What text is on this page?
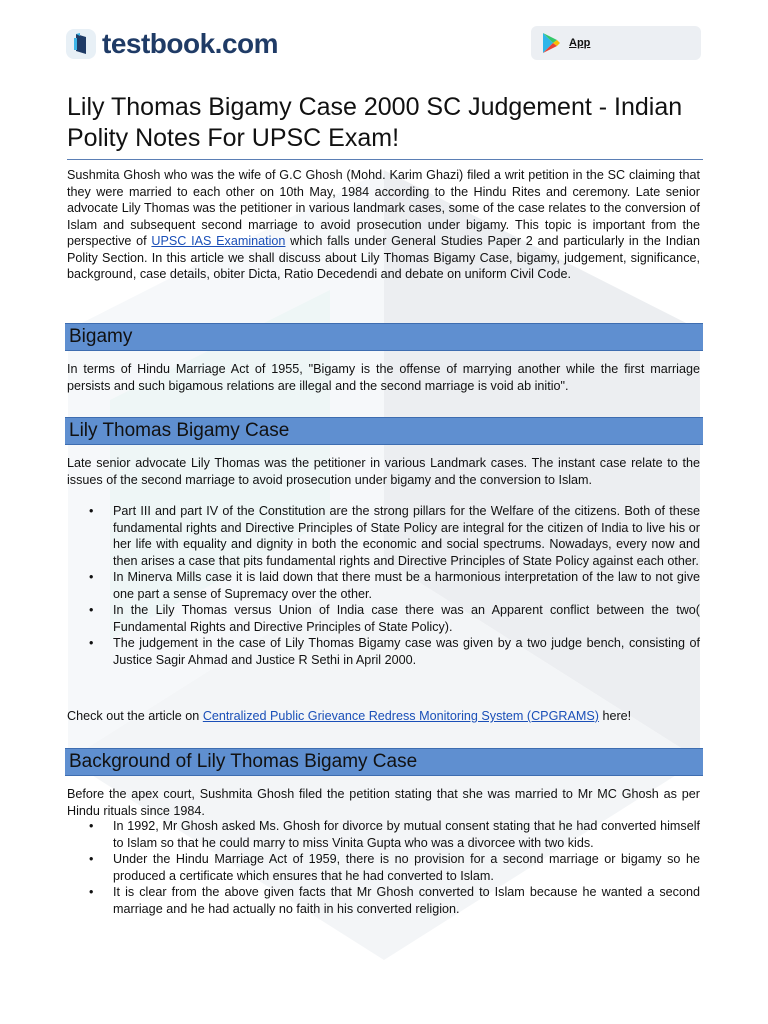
testbook.com	App
Lily Thomas Bigamy Case 2000 SC Judgement - Indian Polity Notes For UPSC Exam!

Sushmita Ghosh who was the wife of G.C Ghosh (Mohd. Karim Ghazi) filed a writ petition in the SC claiming that they were married to each other on 10th May, 1984 according to the Hindu Rites and ceremony. Late senior advocate Lily Thomas was the petitioner in various landmark cases, some of the case relates to the conversion of Islam and subsequent second marriage to avoid prosecution under bigamy. This topic is important from the perspective of UPSC IAS Examination which falls under General Studies Paper 2 and particularly in the Indian Polity Section. In this article we shall discuss about Lily Thomas Bigamy Case, bigamy, judgement, significance, background, case details, obiter Dicta, Ratio Decedendi and debate on uniform Civil Code.

Bigamy

In terms of Hindu Marriage Act of 1955, "Bigamy is the offense of marrying another while the first marriage persists and such bigamous relations are illegal and the second marriage is void ab initio".

Lily Thomas Bigamy Case

Late senior advocate Lily Thomas was the petitioner in various Landmark cases. The instant case relate to the issues of the second marriage to avoid prosecution under bigamy and the conversion to Islam.

• Part III and part IV of the Constitution are the strong pillars for the Welfare of the citizens. Both of these fundamental rights and Directive Principles of State Policy are integral for the citizen of India to live his or her life with equality and dignity in both the economic and social spectrums. Nowadays, every now and then arises a case that pits fundamental rights and Directive Principles of State Policy against each other.
• In Minerva Mills case it is laid down that there must be a harmonious interpretation of the law to not give one part a sense of Supremacy over the other.
• In the Lily Thomas versus Union of India case there was an Apparent conflict between the two( Fundamental Rights and Directive Principles of State Policy).
• The judgement in the case of Lily Thomas Bigamy case was given by a two judge bench, consisting of Justice Sagir Ahmad and Justice R Sethi in April 2000.

Check out the article on Centralized Public Grievance Redress Monitoring System (CPGRAMS) here!

Background of Lily Thomas Bigamy Case

Before the apex court, Sushmita Ghosh filed the petition stating that she was married to Mr MC Ghosh as per Hindu rituals since 1984.

• In 1992, Mr Ghosh asked Ms. Ghosh for divorce by mutual consent stating that he had converted himself to Islam so that he could marry to miss Vinita Gupta who was a divorcee with two kids.
• Under the Hindu Marriage Act of 1959, there is no provision for a second marriage or bigamy so he produced a certificate which ensures that he had converted to Islam.
• It is clear from the above given facts that Mr Ghosh converted to Islam because he wanted a second marriage and he had actually no faith in his converted religion.
